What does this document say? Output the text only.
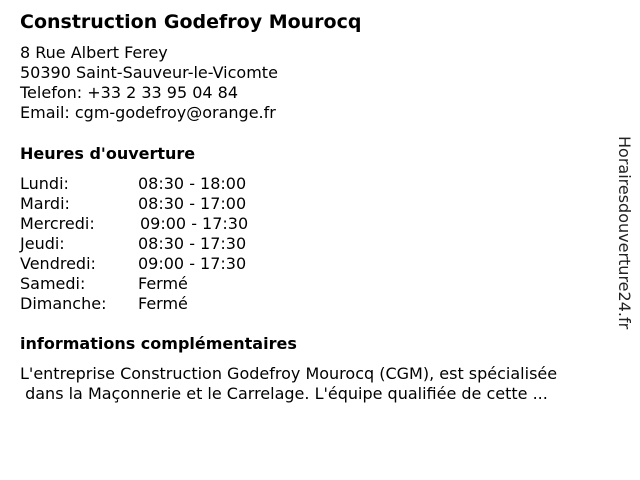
Construction Godefroy Mourocq
8 Rue Albert Ferey
50390 Saint-Sauveur-le-Vicomte
Telefon: +33 2 33 95 04 84
Email: cgm-godefroy@orange.fr
Heures d'ouverture
Lundi:	08:30 - 18:00
Mardi:	08:30 - 17:00
Mercredi:	09:00 - 17:30
Jeudi:	08:30 - 17:30
Vendredi:	09:00 - 17:30
Samedi:	Fermé
Dimanche: Fermé
informations complémentaires
L'entreprise Construction Godefroy Mourocq (CGM), est spécialisée
dans la Maçonnerie et le Carrelage. L'équipe qualifiée de cette ...
Horairesdouverture24.fr
